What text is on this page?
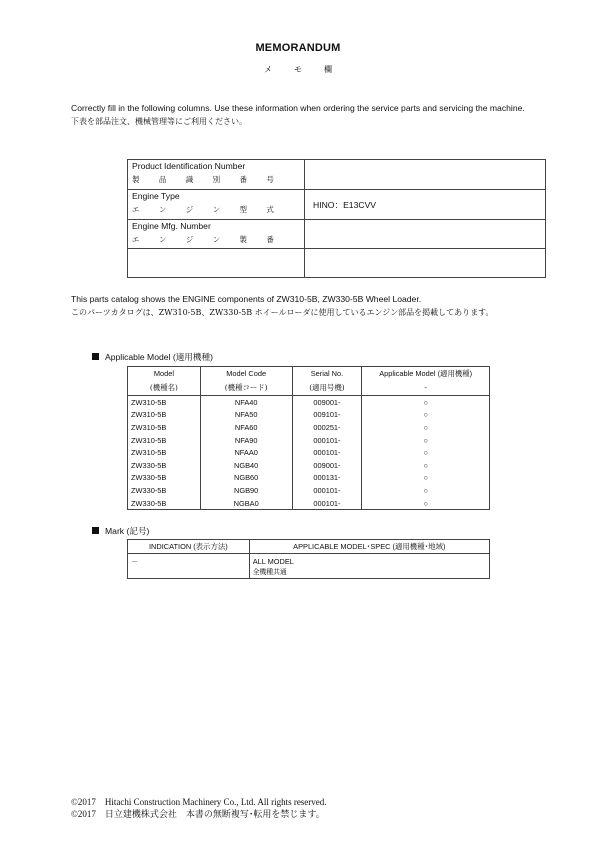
MEMORANDUM
メモ欄
Correctly fill in the following columns. Use these information when ordering the service parts and servicing the machine.
下表を部品注文、機械管理等にご利用ください。
Product Identification Number
製 品 識 別 番 号	

Engine Type
エ ン ジ ン 型 式	HINO：E13CVV

Engine Mfg. Number
エ ン ジ ン 製 番	

This parts catalog shows the ENGINE components of ZW310-5B, ZW330-5B Wheel Loader.
このパーツカタログは、ZW310-5B、ZW330-5B ホイールローダに使用しているエンジン部品を掲載してあります。
Applicable Model (適用機種)
Model	Model Code	Serial No.	Applicable Model (適用機種)
(機種名)	(機種コード)	(適用号機)	-
ZW310-5B	NFA40	009001-	○
ZW310-5B	NFA50	009101-	○
ZW310-5B	NFA60	000251-	○
ZW310-5B	NFA90	000101-	○
ZW310-5B	NFAA0	000101-	○
ZW330-5B	NGB40	009001-	○
ZW330-5B	NGB60	000131-	○
ZW330-5B	NGB90	000101-	○
ZW330-5B	NGBA0	000101-	○
Mark (記号)
INDICATION (表示方法)	APPLICABLE MODEL･SPEC (適用機種･地域)
－	ALL MODEL
全機種共通
©2017　Hitachi Construction Machinery Co., Ltd. All rights reserved.
©2017　日立建機株式会社　本書の無断複写･転用を禁じます。
